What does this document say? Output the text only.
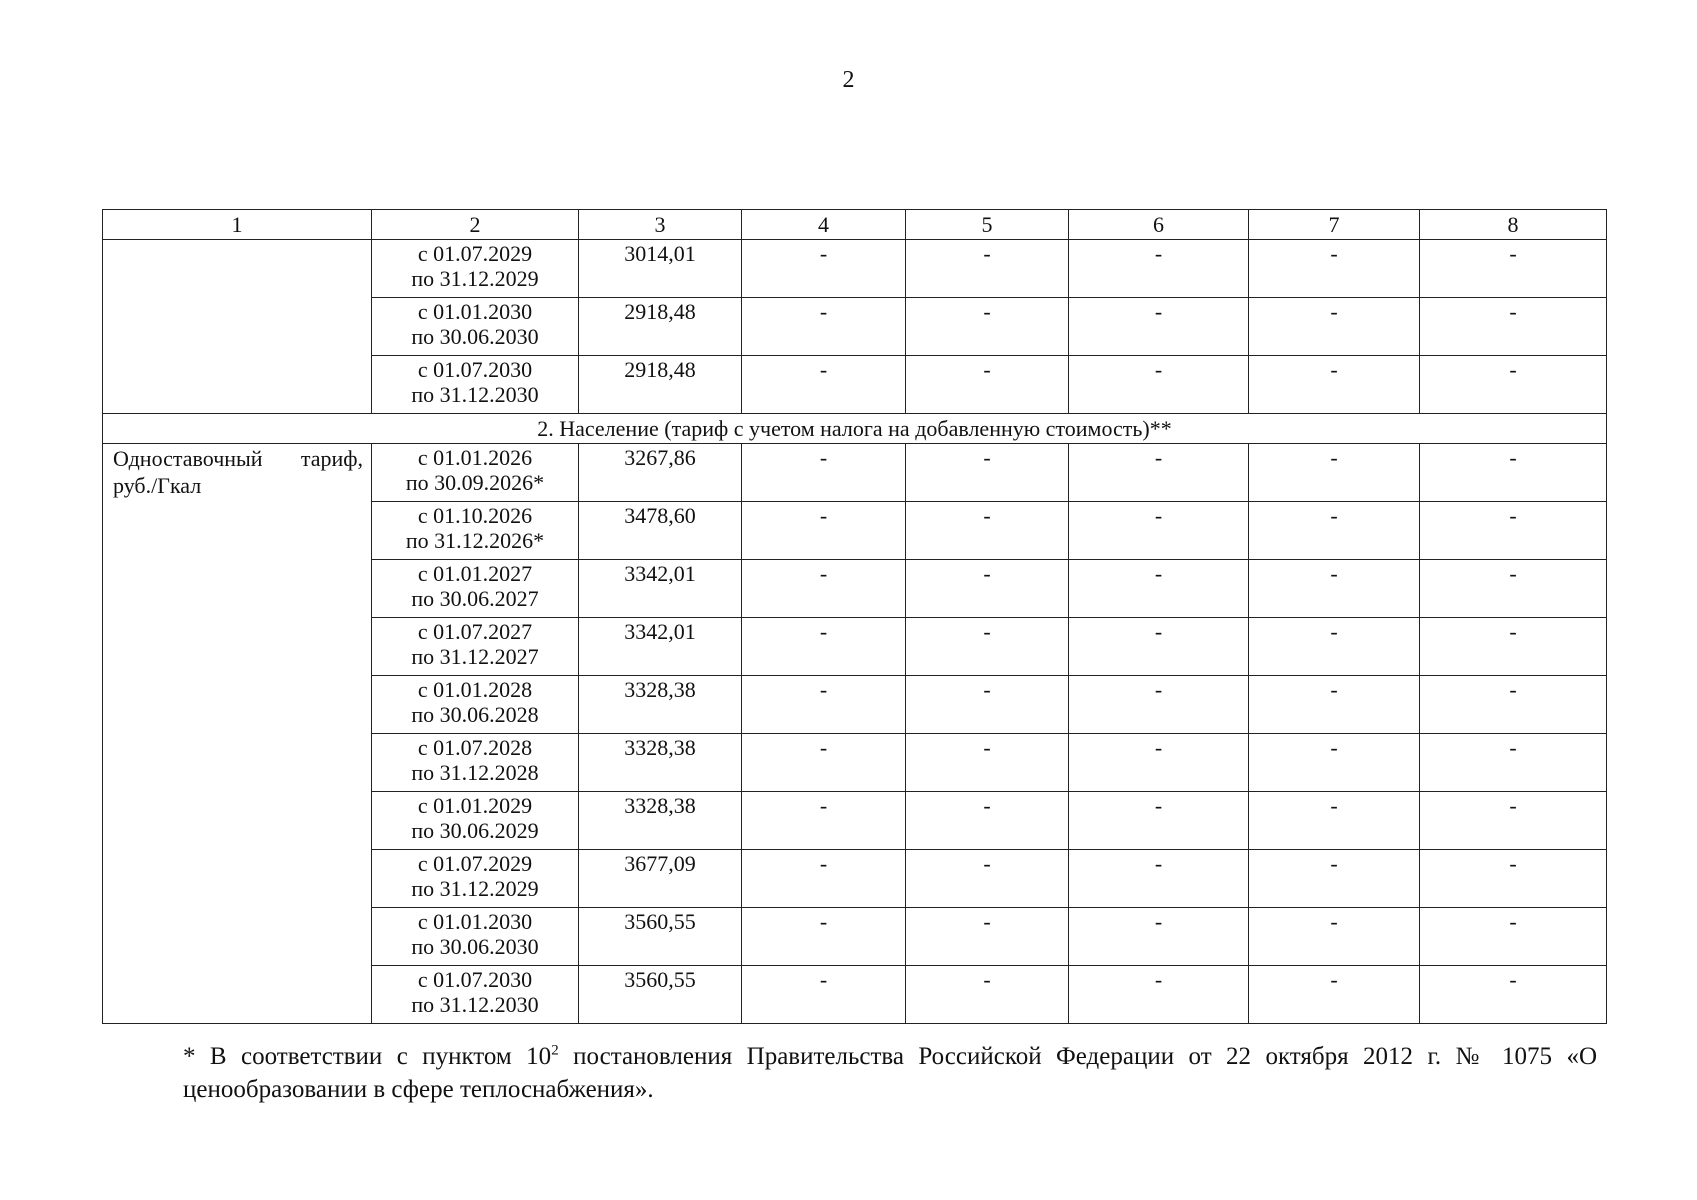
2
1	2	3	4	5	6	7	8

	с 01.07.2029
по 31.12.2029	3014,01	-	-	-	-	-

	с 01.01.2030
по 30.06.2030	2918,48	-	-	-	-	-

	с 01.07.2030
по 31.12.2030	2918,48	-	-	-	-	-
2. Население (тариф с учетом налога на добавленную стоимость)**							
Одноставочный тариф, руб./Гкал	с 01.01.2026
по 30.09.2026*	3267,86	-	-	-	-	-

	с 01.10.2026
по 31.12.2026*	3478,60	-	-	-	-	-

	с 01.01.2027
по 30.06.2027	3342,01	-	-	-	-	-

	с 01.07.2027
по 31.12.2027	3342,01	-	-	-	-	-

	с 01.01.2028
по 30.06.2028	3328,38	-	-	-	-	-

	с 01.07.2028
по 31.12.2028	3328,38	-	-	-	-	-

	с 01.01.2029
по 30.06.2029	3328,38	-	-	-	-	-

	с 01.07.2029
по 31.12.2029	3677,09	-	-	-	-	-

	с 01.01.2030
по 30.06.2030	3560,55	-	-	-	-	-

	с 01.07.2030
по 31.12.2030	3560,55	-	-	-	-	-
* В соответствии с пунктом $10^2$ постановления Правительства Российской Федерации от 22 октября 2012 г. № 1075 «О ценообразовании в сфере теплоснабжения».
